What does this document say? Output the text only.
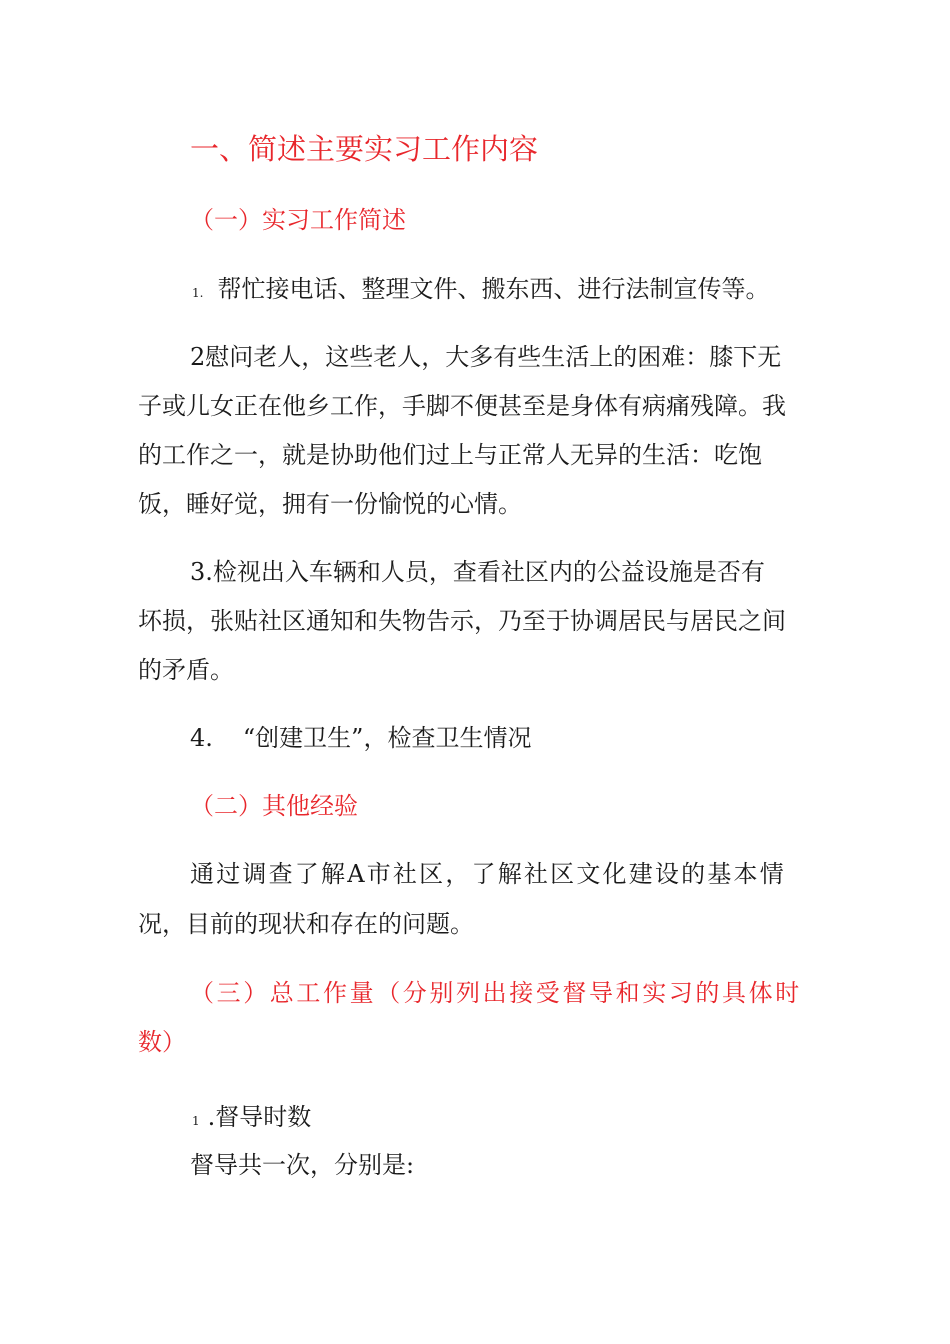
一、简述主要实习工作内容
（一）实习工作简述
1. 帮忙接电话、整理文件、搬东西、进行法制宣传等。
2慰问老人，这些老人，大多有些生活上的困难：膝下无
子或儿女正在他乡工作，手脚不便甚至是身体有病痛残障。我
的工作之一，就是协助他们过上与正常人无异的生活：吃饱
饭，睡好觉，拥有一份愉悦的心情。
3.检视出入车辆和人员，查看社区内的公益设施是否有
坏损，张贴社区通知和失物告示，乃至于协调居民与居民之间
的矛盾。
4. “创建卫生”，检查卫生情况
（二）其他经验
通过调查了解A市社区，了解社区文化建设的基本情
况，目前的现状和存在的问题。
（三）总工作量（分别列出接受督导和实习的具体时
数）
1 .督导时数
督导共一次，分别是:
